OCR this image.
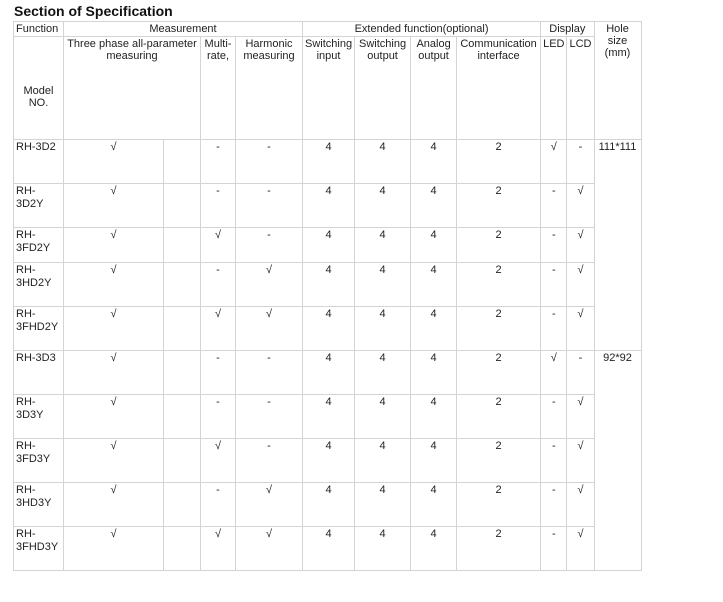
Section of Specification
Function	Measurement				Extended function(optional)				Display		Hole size (mm)
Model NO.	Three phase all-parameter measuring		Multi-rate,	Harmonic measuring	Switching input	Switching output	Analog output	Communication interface	LED	LCD	
RH-3D2	√		-	-	4	4	4	2	√	-	111*111
RH-3D2Y	√		-	-	4	4	4	2	-	√	
RH-3FD2Y	√		√	-	4	4	4	2	-	√	
RH-3HD2Y	√		-	√	4	4	4	2	-	√	
RH-3FHD2Y	√		√	√	4	4	4	2	-	√	
RH-3D3	√		-	-	4	4	4	2	√	-	92*92
RH-3D3Y	√		-	-	4	4	4	2	-	√	
RH-3FD3Y	√		√	-	4	4	4	2	-	√	
RH-3HD3Y	√		-	√	4	4	4	2	-	√	
RH-3FHD3Y	√		√	√	4	4	4	2	-	√	
